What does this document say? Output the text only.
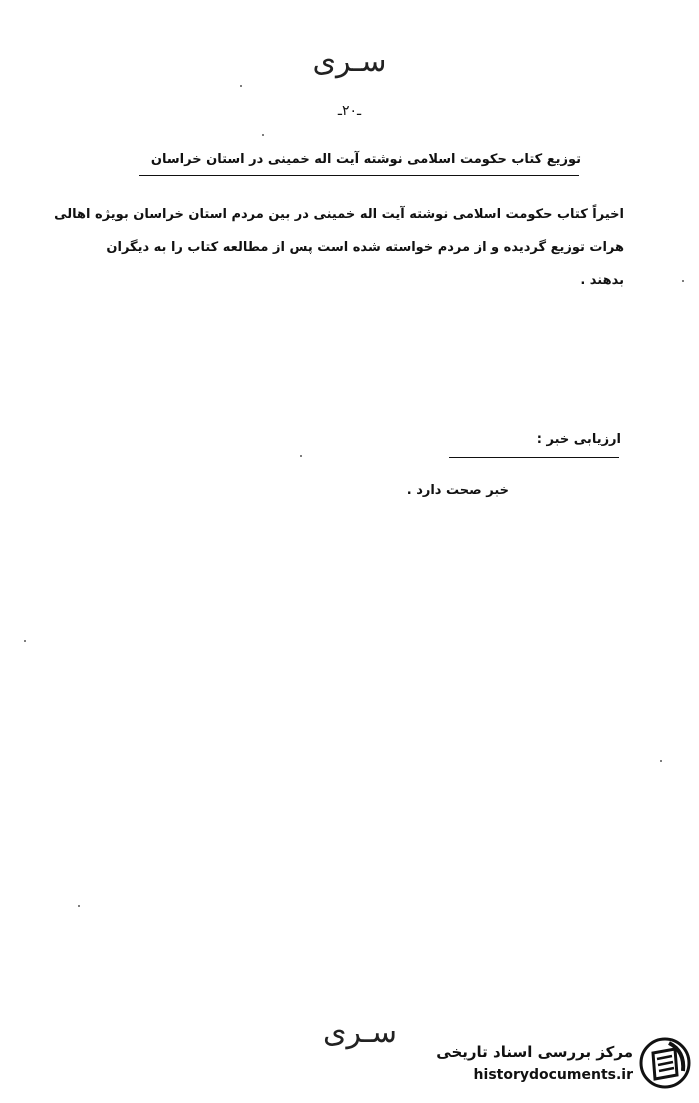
سـری
ـ۲۰ـ
توزیع کتاب حکومت اسلامی نوشته آیت اله خمینی در استان خراسان
اخیراً کتاب حکومت اسلامی نوشته آیت اله خمینی در بین مردم استان خراسان بویژه اهالی
هرات توزیع گردیده و از مردم خواسته شده است پس از مطالعه کتاب را به دیگران
بدهند .
ارزیابی خبر :
خبر صحت دارد .
سـری
مرکز بررسی اسناد تاریخی
historydocuments.ir
